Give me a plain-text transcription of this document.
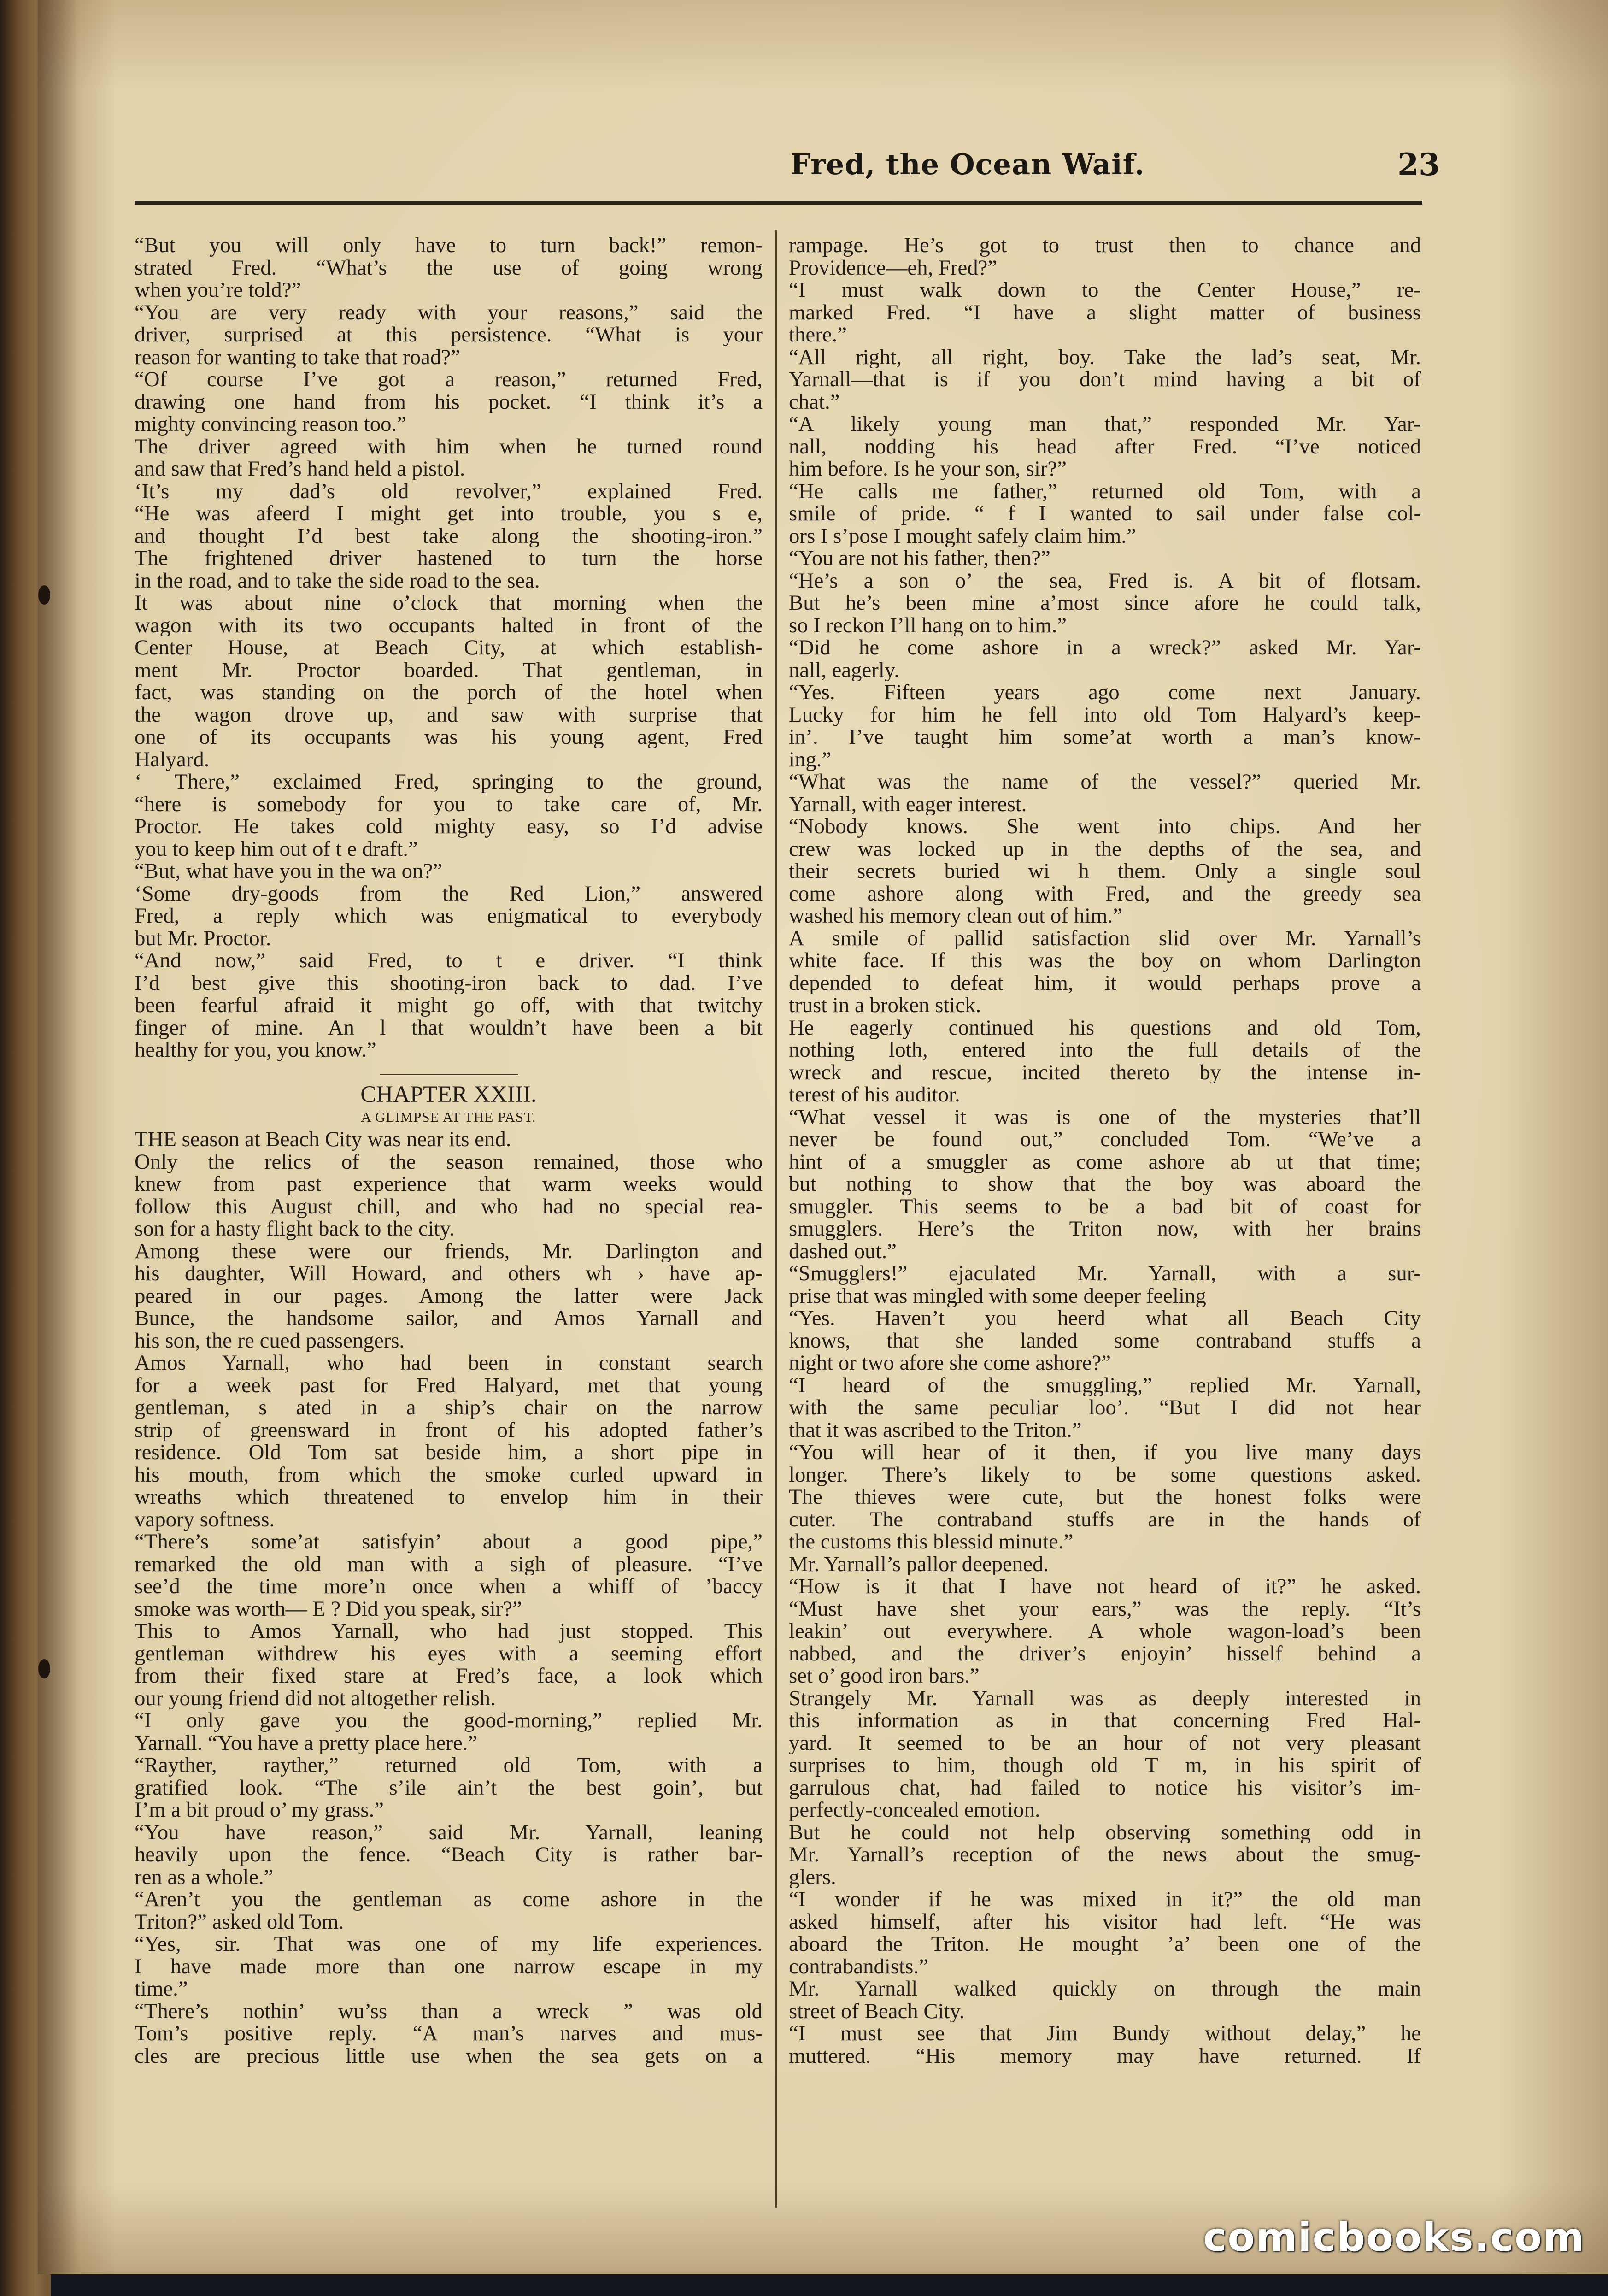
Fred, the Ocean Waif.	23

“But you will only have to turn back!” remon-
strated Fred. “What’s the use of going wrong
when you’re told?”
“You are very ready with your reasons,” said the
driver, surprised at this persistence. “What is your
reason for wanting to take that road?”
“Of course I’ve got a reason,” returned Fred,
drawing one hand from his pocket. “I think it’s a
mighty convincing reason too.”
The driver agreed with him when he turned round
and saw that Fred’s hand held a pistol.
‘It’s my dad’s old revolver,” explained Fred.
“He was afeerd I might get into trouble, you s e,
and thought I’d best take along the shooting-iron.”
The frightened driver hastened to turn the horse
in the road, and to take the side road to the sea.
It was about nine o’clock that morning when the
wagon with its two occupants halted in front of the
Center House, at Beach City, at which establish-
ment Mr. Proctor boarded. That gentleman, in
fact, was standing on the porch of the hotel when
the wagon drove up, and saw with surprise that
one of its occupants was his young agent, Fred
Halyard.
‘ There,” exclaimed Fred, springing to the ground,
“here is somebody for you to take care of, Mr.
Proctor. He takes cold mighty easy, so I’d advise
you to keep him out of t e draft.”
“But, what have you in the wa on?”
‘Some dry-goods from the Red Lion,” answered
Fred, a reply which was enigmatical to everybody
but Mr. Proctor.
“And now,” said Fred, to t e driver. “I think
I’d best give this shooting-iron back to dad. I’ve
been fearful afraid it might go off, with that twitchy
finger of mine. An l that wouldn’t have been a bit
healthy for you, you know.”
CHAPTER XXIII.
A GLIMPSE AT THE PAST.
THE season at Beach City was near its end.
Only the relics of the season remained, those who
knew from past experience that warm weeks would
follow this August chill, and who had no special rea-
son for a hasty flight back to the city.
Among these were our friends, Mr. Darlington and
his daughter, Will Howard, and others wh › have ap-
peared in our pages. Among the latter were Jack
Bunce, the handsome sailor, and Amos Yarnall and
his son, the re cued passengers.
Amos Yarnall, who had been in constant search
for a week past for Fred Halyard, met that young
gentleman, s ated in a ship’s chair on the narrow
strip of greensward in front of his adopted father’s
residence. Old Tom sat beside him, a short pipe in
his mouth, from which the smoke curled upward in
wreaths which threatened to envelop him in their
vapory softness.
“There’s some’at satisfyin’ about a good pipe,”
remarked the old man with a sigh of pleasure. “I’ve
see’d the time more’n once when a whiff of ’baccy
smoke was worth— E ? Did you speak, sir?”
This to Amos Yarnall, who had just stopped. This
gentleman withdrew his eyes with a seeming effort
from their fixed stare at Fred’s face, a look which
our young friend did not altogether relish.
“I only gave you the good-morning,” replied Mr.
Yarnall. “You have a pretty place here.”
“Rayther, rayther,” returned old Tom, with a
gratified look. “The s’ile ain’t the best goin’, but
I’m a bit proud o’ my grass.”
“You have reason,” said Mr. Yarnall, leaning
heavily upon the fence. “Beach City is rather bar-
ren as a whole.”
“Aren’t you the gentleman as come ashore in the
Triton?” asked old Tom.
“Yes, sir. That was one of my life experiences.
I have made more than one narrow escape in my
time.”
“There’s nothin’ wu’ss than a wreck ” was old
Tom’s positive reply. “A man’s narves and mus-
cles are precious little use when the sea gets on a
rampage. He’s got to trust then to chance and
Providence—eh, Fred?”
“I must walk down to the Center House,” re-
marked Fred. “I have a slight matter of business
there.”
“All right, all right, boy. Take the lad’s seat, Mr.
Yarnall—that is if you don’t mind having a bit of
chat.”
“A likely young man that,” responded Mr. Yar-
nall, nodding his head after Fred. “I’ve noticed
him before. Is he your son, sir?”
“He calls me father,” returned old Tom, with a
smile of pride. “ f I wanted to sail under false col-
ors I s’pose I mought safely claim him.”
“You are not his father, then?”
“He’s a son o’ the sea, Fred is. A bit of flotsam.
But he’s been mine a’most since afore he could talk,
so I reckon I’ll hang on to him.”
“Did he come ashore in a wreck?” asked Mr. Yar-
nall, eagerly.
“Yes. Fifteen years ago come next January.
Lucky for him he fell into old Tom Halyard’s keep-
in’. I’ve taught him some’at worth a man’s know-
ing.”
“What was the name of the vessel?” queried Mr.
Yarnall, with eager interest.
“Nobody knows. She went into chips. And her
crew was locked up in the depths of the sea, and
their secrets buried wi h them. Only a single soul
come ashore along with Fred, and the greedy sea
washed his memory clean out of him.”
A smile of pallid satisfaction slid over Mr. Yarnall’s
white face. If this was the boy on whom Darlington
depended to defeat him, it would perhaps prove a
trust in a broken stick.
He eagerly continued his questions and old Tom,
nothing loth, entered into the full details of the
wreck and rescue, incited thereto by the intense in-
terest of his auditor.
“What vessel it was is one of the mysteries that’ll
never be found out,” concluded Tom. “We’ve a
hint of a smuggler as come ashore ab ut that time;
but nothing to show that the boy was aboard the
smuggler. This seems to be a bad bit of coast for
smugglers. Here’s the Triton now, with her brains
dashed out.”
“Smugglers!” ejaculated Mr. Yarnall, with a sur-
prise that was mingled with some deeper feeling
“Yes. Haven’t you heerd what all Beach City
knows, that she landed some contraband stuffs a
night or two afore she come ashore?”
“I heard of the smuggling,” replied Mr. Yarnall,
with the same peculiar loo’. “But I did not hear
that it was ascribed to the Triton.”
“You will hear of it then, if you live many days
longer. There’s likely to be some questions asked.
The thieves were cute, but the honest folks were
cuter. The contraband stuffs are in the hands of
the customs this blessid minute.”
Mr. Yarnall’s pallor deepened.
“How is it that I have not heard of it?” he asked.
“Must have shet your ears,” was the reply. “It’s
leakin’ out everywhere. A whole wagon-load’s been
nabbed, and the driver’s enjoyin’ hisself behind a
set o’ good iron bars.”
Strangely Mr. Yarnall was as deeply interested in
this information as in that concerning Fred Hal-
yard. It seemed to be an hour of not very pleasant
surprises to him, though old T m, in his spirit of
garrulous chat, had failed to notice his visitor’s im-
perfectly-concealed emotion.
But he could not help observing something odd in
Mr. Yarnall’s reception of the news about the smug-
glers.
“I wonder if he was mixed in it?” the old man
asked himself, after his visitor had left. “He was
aboard the Triton. He mought ’a’ been one of the
contrabandists.”
Mr. Yarnall walked quickly on through the main
street of Beach City.
“I must see that Jim Bundy without delay,” he
muttered. “His memory may have returned. If

comicbooks.com
